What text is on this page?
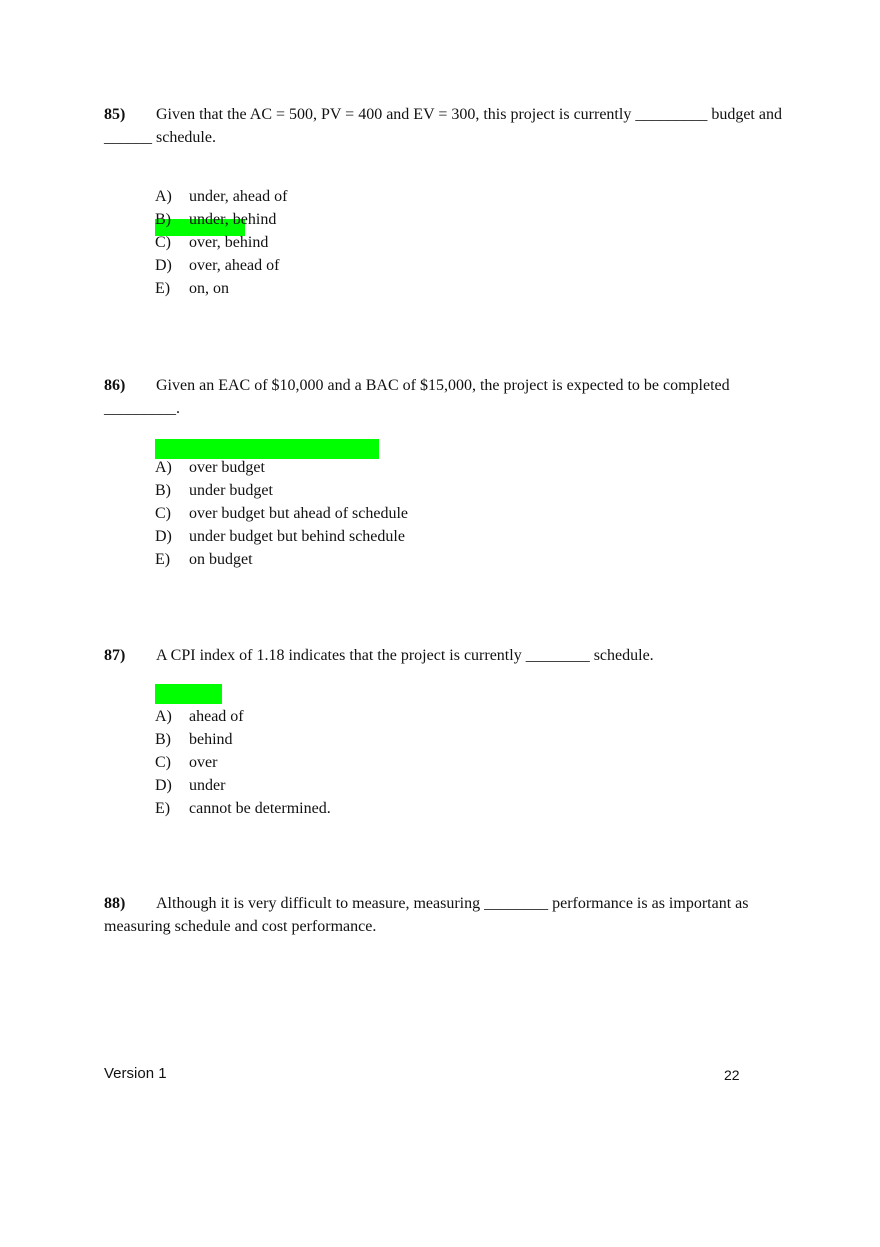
85)	Given that the AC = 500, PV = 400 and EV = 300, this project is currently _________ budget and ______ schedule.

A) under, ahead of
B) under, behind
C) over, behind
D) over, ahead of
E) on, on
86)	Given an EAC of $10,000 and a BAC of $15,000, the project is expected to be completed _________.

A) over budget
B) under budget
C) over budget but ahead of schedule
D) under budget but behind schedule
E) on budget
87)	A CPI index of 1.18 indicates that the project is currently ________ schedule.

A) ahead of
B) behind
C) over
D) under
E) cannot be determined.
88)	Although it is very difficult to measure, measuring ________ performance is as important as measuring schedule and cost performance.

Version 1	22
